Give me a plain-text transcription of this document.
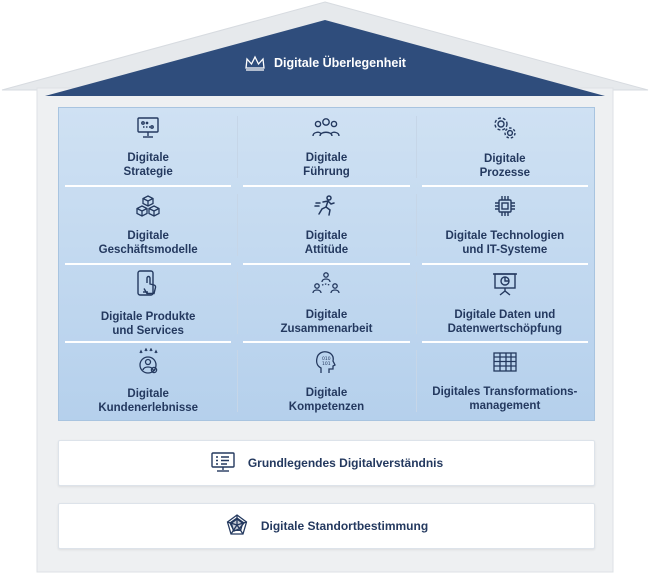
Digitale Überlegenheit
Digitale
Strategie
Digitale
Führung
Digitale
Prozesse
Digitale
Geschäftsmodelle
Digitale
Attitüde
Digitale Technologien
und IT-Systeme
Digitale Produkte
und Services
Digitale
Zusammenarbeit
Digitale Daten und
Datenwertschöpfung
Digitale
Kundenerlebnisse
010
101
Digitale
Kompetenzen
Digitales Transformations-
management
Grundlegendes Digitalverständnis
Digitale Standortbestimmung
